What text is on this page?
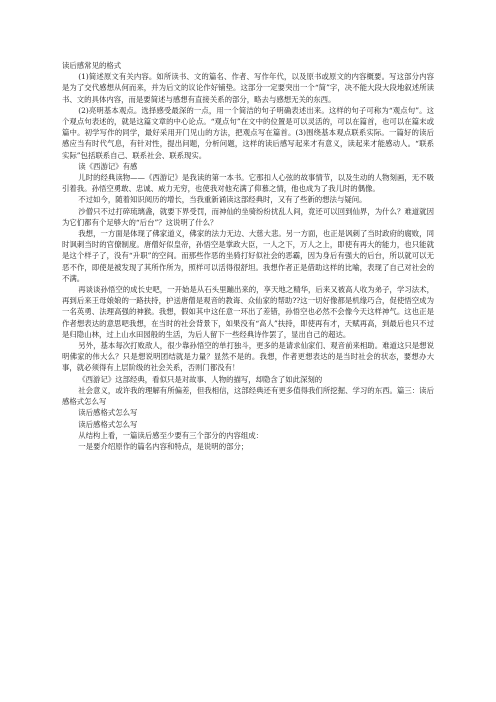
读后感常见的格式

(1)简述原文有关内容。如所读书、文的篇名、作者、写作年代，以及原书或原文的内容概要。写这部分内容是为了交代感想从何而来，并为后文的议论作好铺垫。这部分一定要突出一个“简”字，决不能大段大段地叙述所读书、文的具体内容，而是要简述与感想有直接关系的部分，略去与感想无关的东西。

(2)亮明基本观点。选择感受最深的一点，用一个简洁的句子明确表述出来。这样的句子可称为“观点句”。这个观点句表述的，就是这篇文章的中心论点。“观点句”在文中的位置是可以灵活的，可以在篇首，也可以在篇末或篇中。初学写作的同学，最好采用开门见山的方法，把观点写在篇首。(3)围绕基本观点联系实际。一篇好的读后感应当有时代气息，有针对性，提出问题，分析问题，这样的读后感写起来才有意义，读起来才能感动人。“联系实际”包括联系自己、联系社会、联系现实。

读《西游记》有感

儿时的经典读物——《西游记》是我读的第一本书。它那扣人心弦的故事情节，以及生动的人物刻画，无不吸引着我。孙悟空勇敢、忠诚、威力无穷，也使我对他充满了仰慕之情，他也成为了我儿时的偶像。

不过如今，随着知识阅历的增长，当我重新诵读这部经典时，又有了些新的想法与疑问。

沙僧只不过打碎琉璃盏，就要下界受罚，而神仙的坐骑纷纷扰乱人间，竟还可以回到仙界，为什么？难道就因为它们都有个足够大的“后台”？这说明了什么？

我想，一方面是体现了佛家道义，佛家的法力无边、大慈大悲。另一方面，也正是讽刺了当时政府的腐败，同时讽刺当时的官僚制度。唐僧好似皇帝，孙悟空是掌政大臣，一人之下，万人之上，即使有再大的能力，也只能就是这个样子了，没有“升职”的空间。而那些作恶的坐骑打好似社会的恶霸，因为身后有强大的后台，所以就可以无恶不作，即使是被发现了其所作所为，照样可以活得很舒坦。我想作者正是借助这样的比喻，表现了自己对社会的不满。

再谈谈孙悟空的成长史吧，一开始是从石头里蹦出来的，享天地之精华，后来又被高人收为弟子，学习法术，再到后来王母娘娘的一路扶持，护送唐僧是观音的教诲、众仙家的帮助??这一切好像都是机缘巧合，促使悟空成为一名英勇、法理高强的神猴。我想，假如其中这任意一环出了差错，孙悟空也必然不会像今天这样神气。这也正是作者想表达的意思吧我想，在当时的社会背景下，如果没有“高人”扶持，即使再有才，天赋再高，到最后也只不过是归隐山林，过上山水田园般的生活，为后人留下一些经典诗作罢了，显出自己的超达。

另外，基本每次打败敌人，很少靠孙悟空的单打独斗，更多的是请求仙家们、观音前来相助。难道这只是想说明佛家的伟大么？只是想说明团结就是力量？显然不是的。我想，作者更想表达的是当时社会的状态，要想办大事，就必须得有上层阶级的社会关系，否则门都没有！

《西游记》这部经典，看似只是对故事、人物的描写，却隐含了如此深刻的

社会意义，或许我的理解有所偏差，但我相信，这部经典还有更多值得我们所挖掘、学习的东西。篇三：读后感格式怎么写

读后感格式怎么写

读后感格式怎么写

从结构上看，一篇读后感至少要有三个部分的内容组成：

一是要介绍原作的篇名内容和特点，是说明的部分；
